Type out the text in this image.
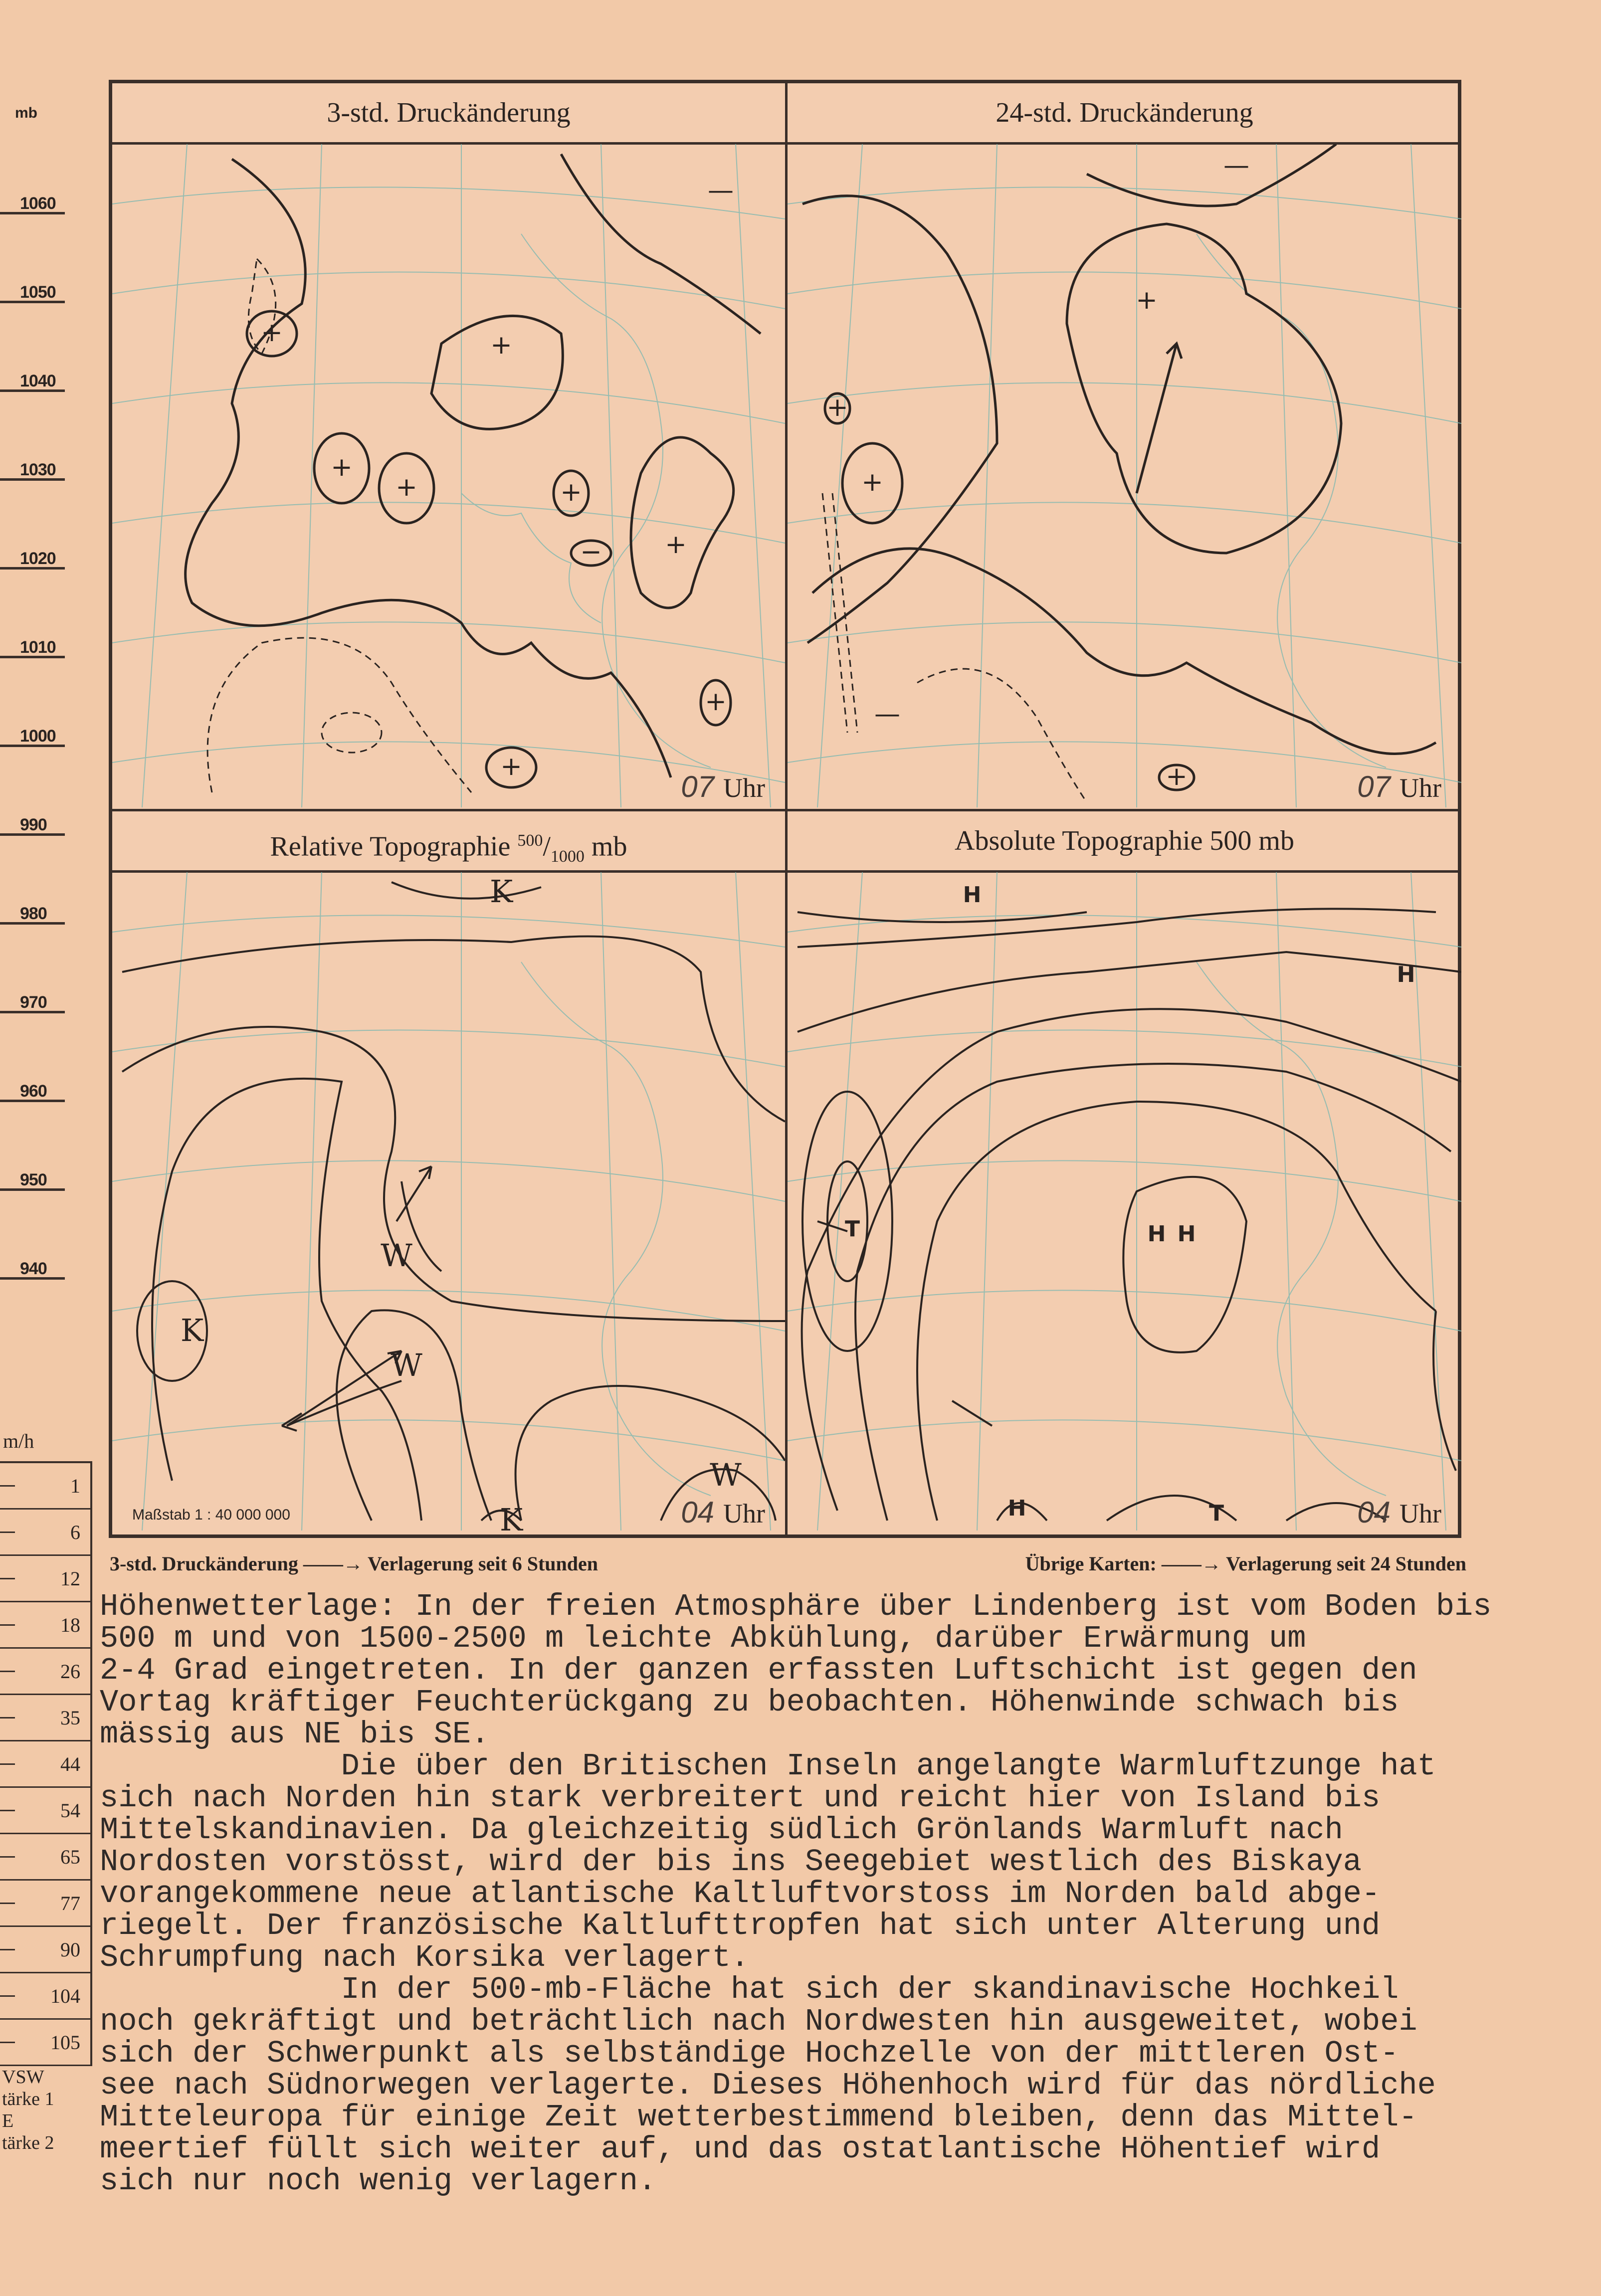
mb
1060
1050
1040
1030
1020
1010
1000
990
980
970
960
950
940
m/h
1
6
12
18
26
35
44
54
65
77
90
104
105
VSW
tärke 1
E
tärke 2
3-std. Druckänderung
+
+
+
+
+
− +
+
+
—
07 Uhr
24-std. Druckänderung
+
+
+
+
—
—
07 Uhr
Relative Topographie $^{500}/_{1000}$ mb
K
W
W
K
W
K
Maßstab 1 : 40 000 000	04 Uhr
Absolute Topographie 500 mb
H
H
H H
T
H	T	04 Uhr
3-std. Druckänderung ——→ Verlagerung seit 6 Stunden	Übrige Karten: ——→ Verlagerung seit 24 Stunden

Höhenwetterlage: In der freien Atmosphäre über Lindenberg ist vom Boden bis

500 m und von 1500-2500 m leichte Abkühlung, darüber Erwärmung um

2-4 Grad eingetreten. In der ganzen erfassten Luftschicht ist gegen den

Vortag kräftiger Feuchterückgang zu beobachten. Höhenwinde schwach bis

mässig aus NE bis SE.

Die über den Britischen Inseln angelangte Warmluftzunge hat

sich nach Norden hin stark verbreitert und reicht hier von Island bis

Mittelskandinavien. Da gleichzeitig südlich Grönlands Warmluft nach

Nordosten vorstösst, wird der bis ins Seegebiet westlich des Biskaya

vorangekommene neue atlantische Kaltluftvorstoss im Norden bald abge-

riegelt. Der französische Kaltlufttropfen hat sich unter Alterung und

Schrumpfung nach Korsika verlagert.

In der 500-mb-Fläche hat sich der skandinavische Hochkeil

noch gekräftigt und beträchtlich nach Nordwesten hin ausgeweitet, wobei

sich der Schwerpunkt als selbständige Hochzelle von der mittleren Ost-

see nach Südnorwegen verlagerte. Dieses Höhenhoch wird für das nördliche

Mitteleuropa für einige Zeit wetterbestimmend bleiben, denn das Mittel-

meertief füllt sich weiter auf, und das ostatlantische Höhentief wird

sich nur noch wenig verlagern.
